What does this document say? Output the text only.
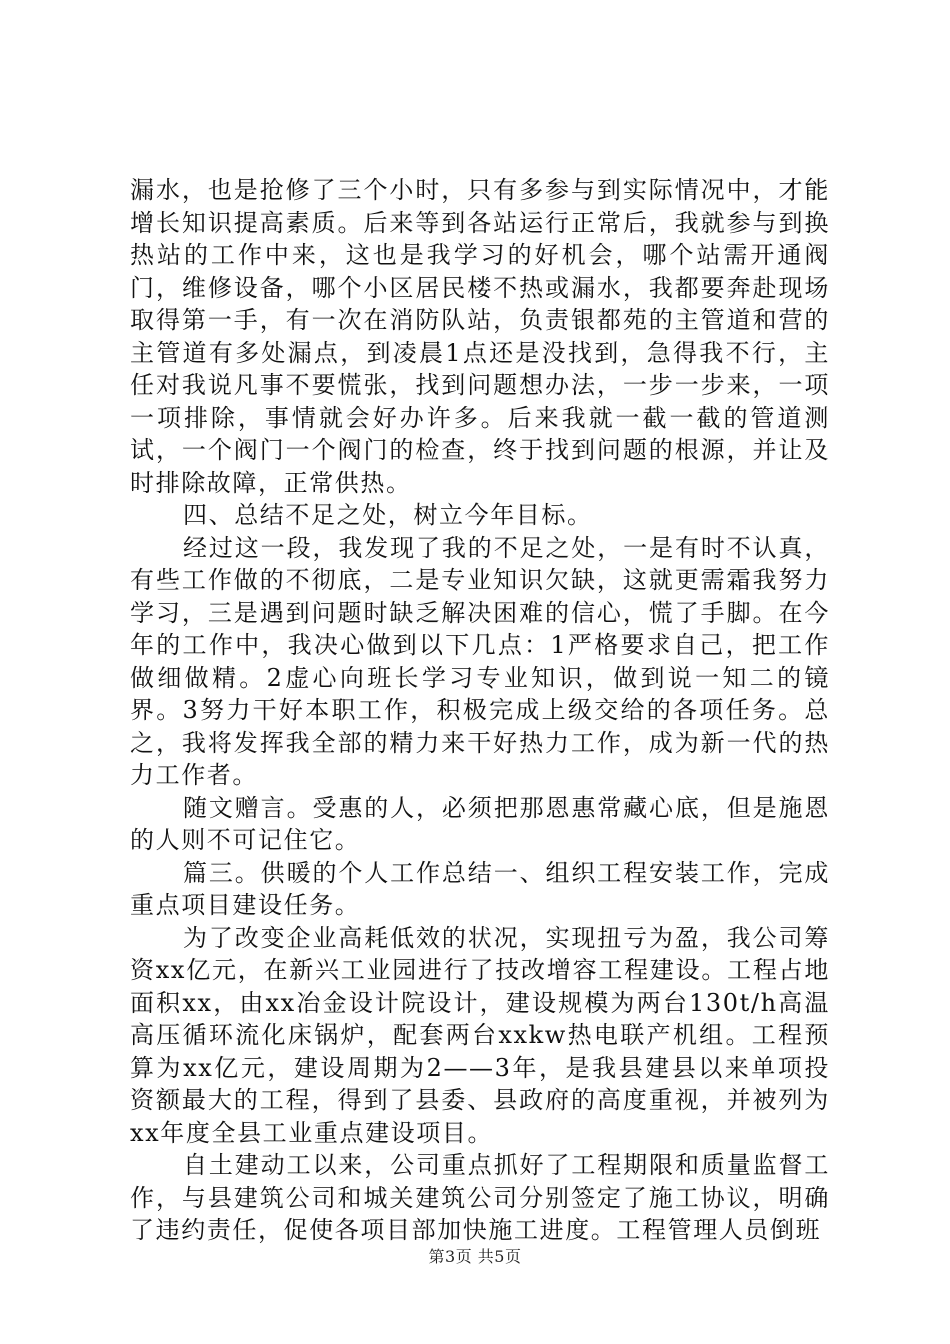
漏水，也是抢修了三个小时，只有多参与到实际情况中，才能增长知识提高素质。后来等到各站运行正常后，我就参与到换热站的工作中来，这也是我学习的好机会，哪个站需开通阀门，维修设备，哪个小区居民楼不热或漏水，我都要奔赴现场取得第一手，有一次在消防队站，负责银都苑的主管道和营的主管道有多处漏点，到凌晨1点还是没找到，急得我不行，主任对我说凡事不要慌张，找到问题想办法，一步一步来，一项一项排除，事情就会好办许多。后来我就一截一截的管道测试，一个阀门一个阀门的检查，终于找到问题的根源，并让及时排除故障，正常供热。

四、总结不足之处，树立今年目标。

经过这一段，我发现了我的不足之处，一是有时不认真，有些工作做的不彻底，二是专业知识欠缺，这就更需霜我努力学习，三是遇到问题时缺乏解决困难的信心，慌了手脚。在今年的工作中，我决心做到以下几点：1严格要求自己，把工作做细做精。2虚心向班长学习专业知识，做到说一知二的镜界。3努力干好本职工作，积极完成上级交给的各项任务。总之，我将发挥我全部的精力来干好热力工作，成为新一代的热力工作者。

随文赠言。受惠的人，必须把那恩惠常藏心底，但是施恩的人则不可记住它。

篇三。供暖的个人工作总结一、组织工程安装工作，完成重点项目建设任务。

为了改变企业高耗低效的状况，实现扭亏为盈，我公司筹资xx亿元，在新兴工业园进行了技改增容工程建设。工程占地面积xx，由xx冶金设计院设计，建设规模为两台130t/h高温高压循环流化床锅炉，配套两台xxkw热电联产机组。工程预算为xx亿元，建设周期为2——3年，是我县建县以来单项投资额最大的工程，得到了县委、县政府的高度重视，并被列为xx年度全县工业重点建设项目。

自土建动工以来，公司重点抓好了工程期限和质量监督工作，与县建筑公司和城关建筑公司分别签定了施工协议，明确了违约责任，促使各项目部加快施工进度。工程管理人员倒班

第3页 共5页
